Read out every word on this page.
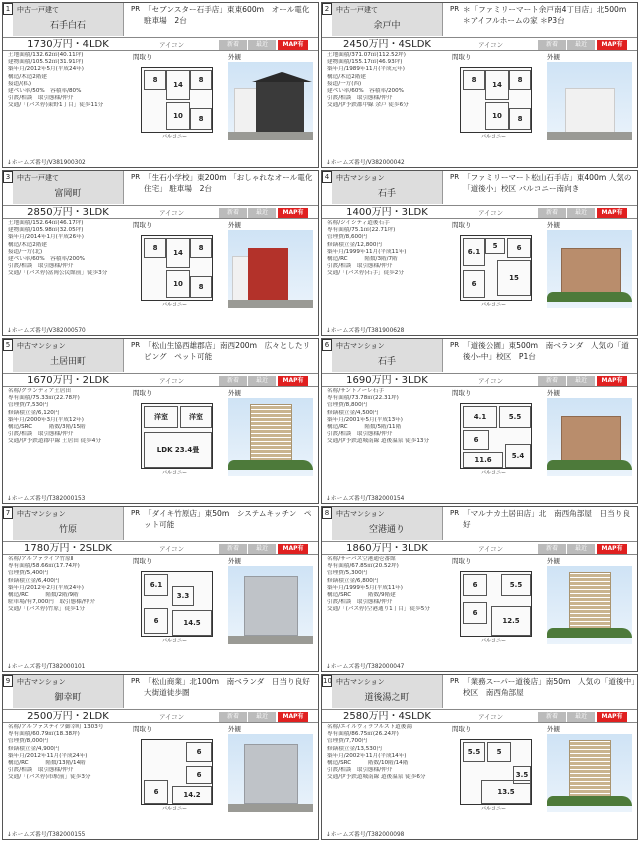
1 中古一戸建て
石手白石
PR 「セブンスター石手店」東東600m　オール電化　駐車場　2台
1730万円・4LDK	アイコン	新着	最近	MAP有
土地面積/132.62㎡(40.11坪)
建物面積/105.52㎡(31.91坪)
築年月/2012年5月(平成24年)
構造/木造2階建
接道/(私)
建ぺい率/50%　容積率/80%
引渡/相談　取引態様/仲介
交通/「(バス停)東野1丁目」徒歩11分
間取り	外観
8
14
8
10	8
バルコニー
↓ホームズ番号/V381900302
2 中古一戸建て
余戸中
PR ＊「ファミリーマート余戸南4丁目店」北500m ＊アイフルホームの家 ＊P3台
2450万円・4SLDK	アイコン	新着	最近	MAP有
土地面積/371.07㎡(112.52坪)
建物面積/155.17㎡(46.93坪)
築年月/1989年11月(平成元年)
構造/木造2階建
接道/一方(西)
建ぺい率/60%　容積率/200%
引渡/相談　取引態様/仲介
交通/伊予鉄郡中線 余戸 徒歩6分
間取り	外観
8
14
8
10	8
バルコニー
↓ホームズ番号/V382000042
3 中古一戸建て
富岡町
PR 「生石小学校」東200m 「おしゃれなオール電化住宅」 駐車場　2台
2850万円・3LDK	アイコン	新着	最近	MAP有
土地面積/152.64㎡(46.17坪)
建物面積/105.98㎡(32.05坪)
築年月/2014年1月(平成26年)
構造/木造2階建
接道/一方(北)
建ぺい率/60%　容積率/200%
引渡/相談　取引態様/仲介
交通/「(バス停)富岡公民館前」徒歩3分
間取り	外観
8
14
8
10	8
バルコニー
↓ホームズ番号/V382000570
4 中古マンション
石手
PR 「ファミリーマート松山石手店」東400m 人気の「道後小」校区 バルコニー南向き
1400万円・3LDK	アイコン	新着	最近	MAP有
名称/ジイシティ道後石手
専有面積/75.1㎡(22.71坪)
管理費/8,600円
修繕積立金/12,800円
築年月/1999年11月(平成11年)
構造/RC　　　階数/3階/7階
引渡/相談　取引態様/仲介
交通/「(バス停)石手」徒歩2分
間取り	外観
6.1
5
15
6
6
バルコニー
↓ホームズ番号/T381900628
5 中古マンション
土居田町
PR 「松山生協西雄郡店」南西200m　広々としたリビング　ペット可能
1670万円・2LDK	アイコン	新着	最近	MAP有
名称/グランディア土居田
専有面積/75.33㎡(22.78坪)
管理費/7,530円
修繕積立金/6,120円
築年月/2000年3月(平成12年)
構造/SRC　　　階数/3階/15階
引渡/相談　取引態様/仲介
交通/伊予鉄道郡中線 土居田 徒歩4分
間取り	外観
洋室	洋室
LDK 23.4畳
バルコニー
↓ホームズ番号/T382000153
6 中古マンション
石手
PR 「道後公園」東500m　南ベランダ　人気の「道後小-中」校区　P1台
1690万円・3LDK	アイコン	新着	最近	MAP有
名称/サントノーレ石手
専有面積/73.78㎡(22.31坪)
管理費/8,800円
修繕積立金/4,500円
築年月/2001年5月(平成13年)
構造/RC　　　階数/5階/11階
引渡/相談　取引態様/仲介
交通/伊予鉄道城南線 道後温泉 徒歩13分
間取り	外観
5.5
4.1
6
11.6	5.4
バルコニー
↓ホームズ番号/T382000154
7 中古マンション
竹原
PR 「ダイキ竹原店」東50m　システムキッチン　ペット可能
1780万円・2SLDK	アイコン	新着	最近	MAP有
名称/アルファライフ竹原Ⅱ
専有面積/58.66㎡(17.74坪)
管理費/5,400円
修繕積立金/6,400円
築年月/2012年2月(平成24年)
構造/RC　　　階数/2階/9階
駐車場/有7,000円　取引態様/仲介
交通/「(バス停)竹原」徒歩1分
間取り	外観
6.1
3.3
6	14.5
バルコニー
↓ホームズ番号/T382000101
8 中古マンション
空港通り
PR 「マルナカ土居田店」北　南西角部屋　日当り良好
1860万円・3LDK	アイコン	新着	最近	MAP有
名称/サーパス空港通壱番館
専有面積/67.85㎡(20.52坪)
管理費/5,300円
修繕積立金/6,800円
築年月/1999年5月(平成11年)
構造/SRC　　　階数/9階建
引渡/相談　取引態様/仲介
交通/「(バス停)空港通り1丁目」徒歩5分
間取り	外観
6	5.5
6
12.5
バルコニー
↓ホームズ番号/T382000047
9 中古マンション
御幸町
PR 「松山商業」北100m　南ベランダ　日当り良好　大街道徒歩圏
2500万円・2LDK	アイコン	新着	最近	MAP有
名称/アルファステイツ御幸町 1303号
専有面積/60.79㎡(18.38坪)
管理費/8,000円
修繕積立金/4,900円
築年月/2012年11月(平成24年)
構造/RC　　　階数/13階/14階
引渡/相談　取引態様/仲介
交通/「(バス停)市駅前」徒歩3分
間取り	外観
6
6
6	14.2
バルコニー
↓ホームズ番号/T382000155
10 中古マンション
道後湯之町
PR 「業務スーパー道後店」南50m　人気の「道後中」校区　南西角部屋
2580万円・4SLDK	アイコン	新着	最近	MAP有
名称/エイルヴィラフルスト道後湯
専有面積/86.75㎡(26.24坪)
管理費/7,700円
修繕積立金/13,530円
築年月/2002年11月(平成14年)
構造/SRC　　　階数/10階/14階
引渡/相談　取引態様/仲介
交通/伊予鉄道城南線 道後温泉 徒歩6分
間取り	外観
5.5	5
3.5
13.5
バルコニー
↓ホームズ番号/T382000098
